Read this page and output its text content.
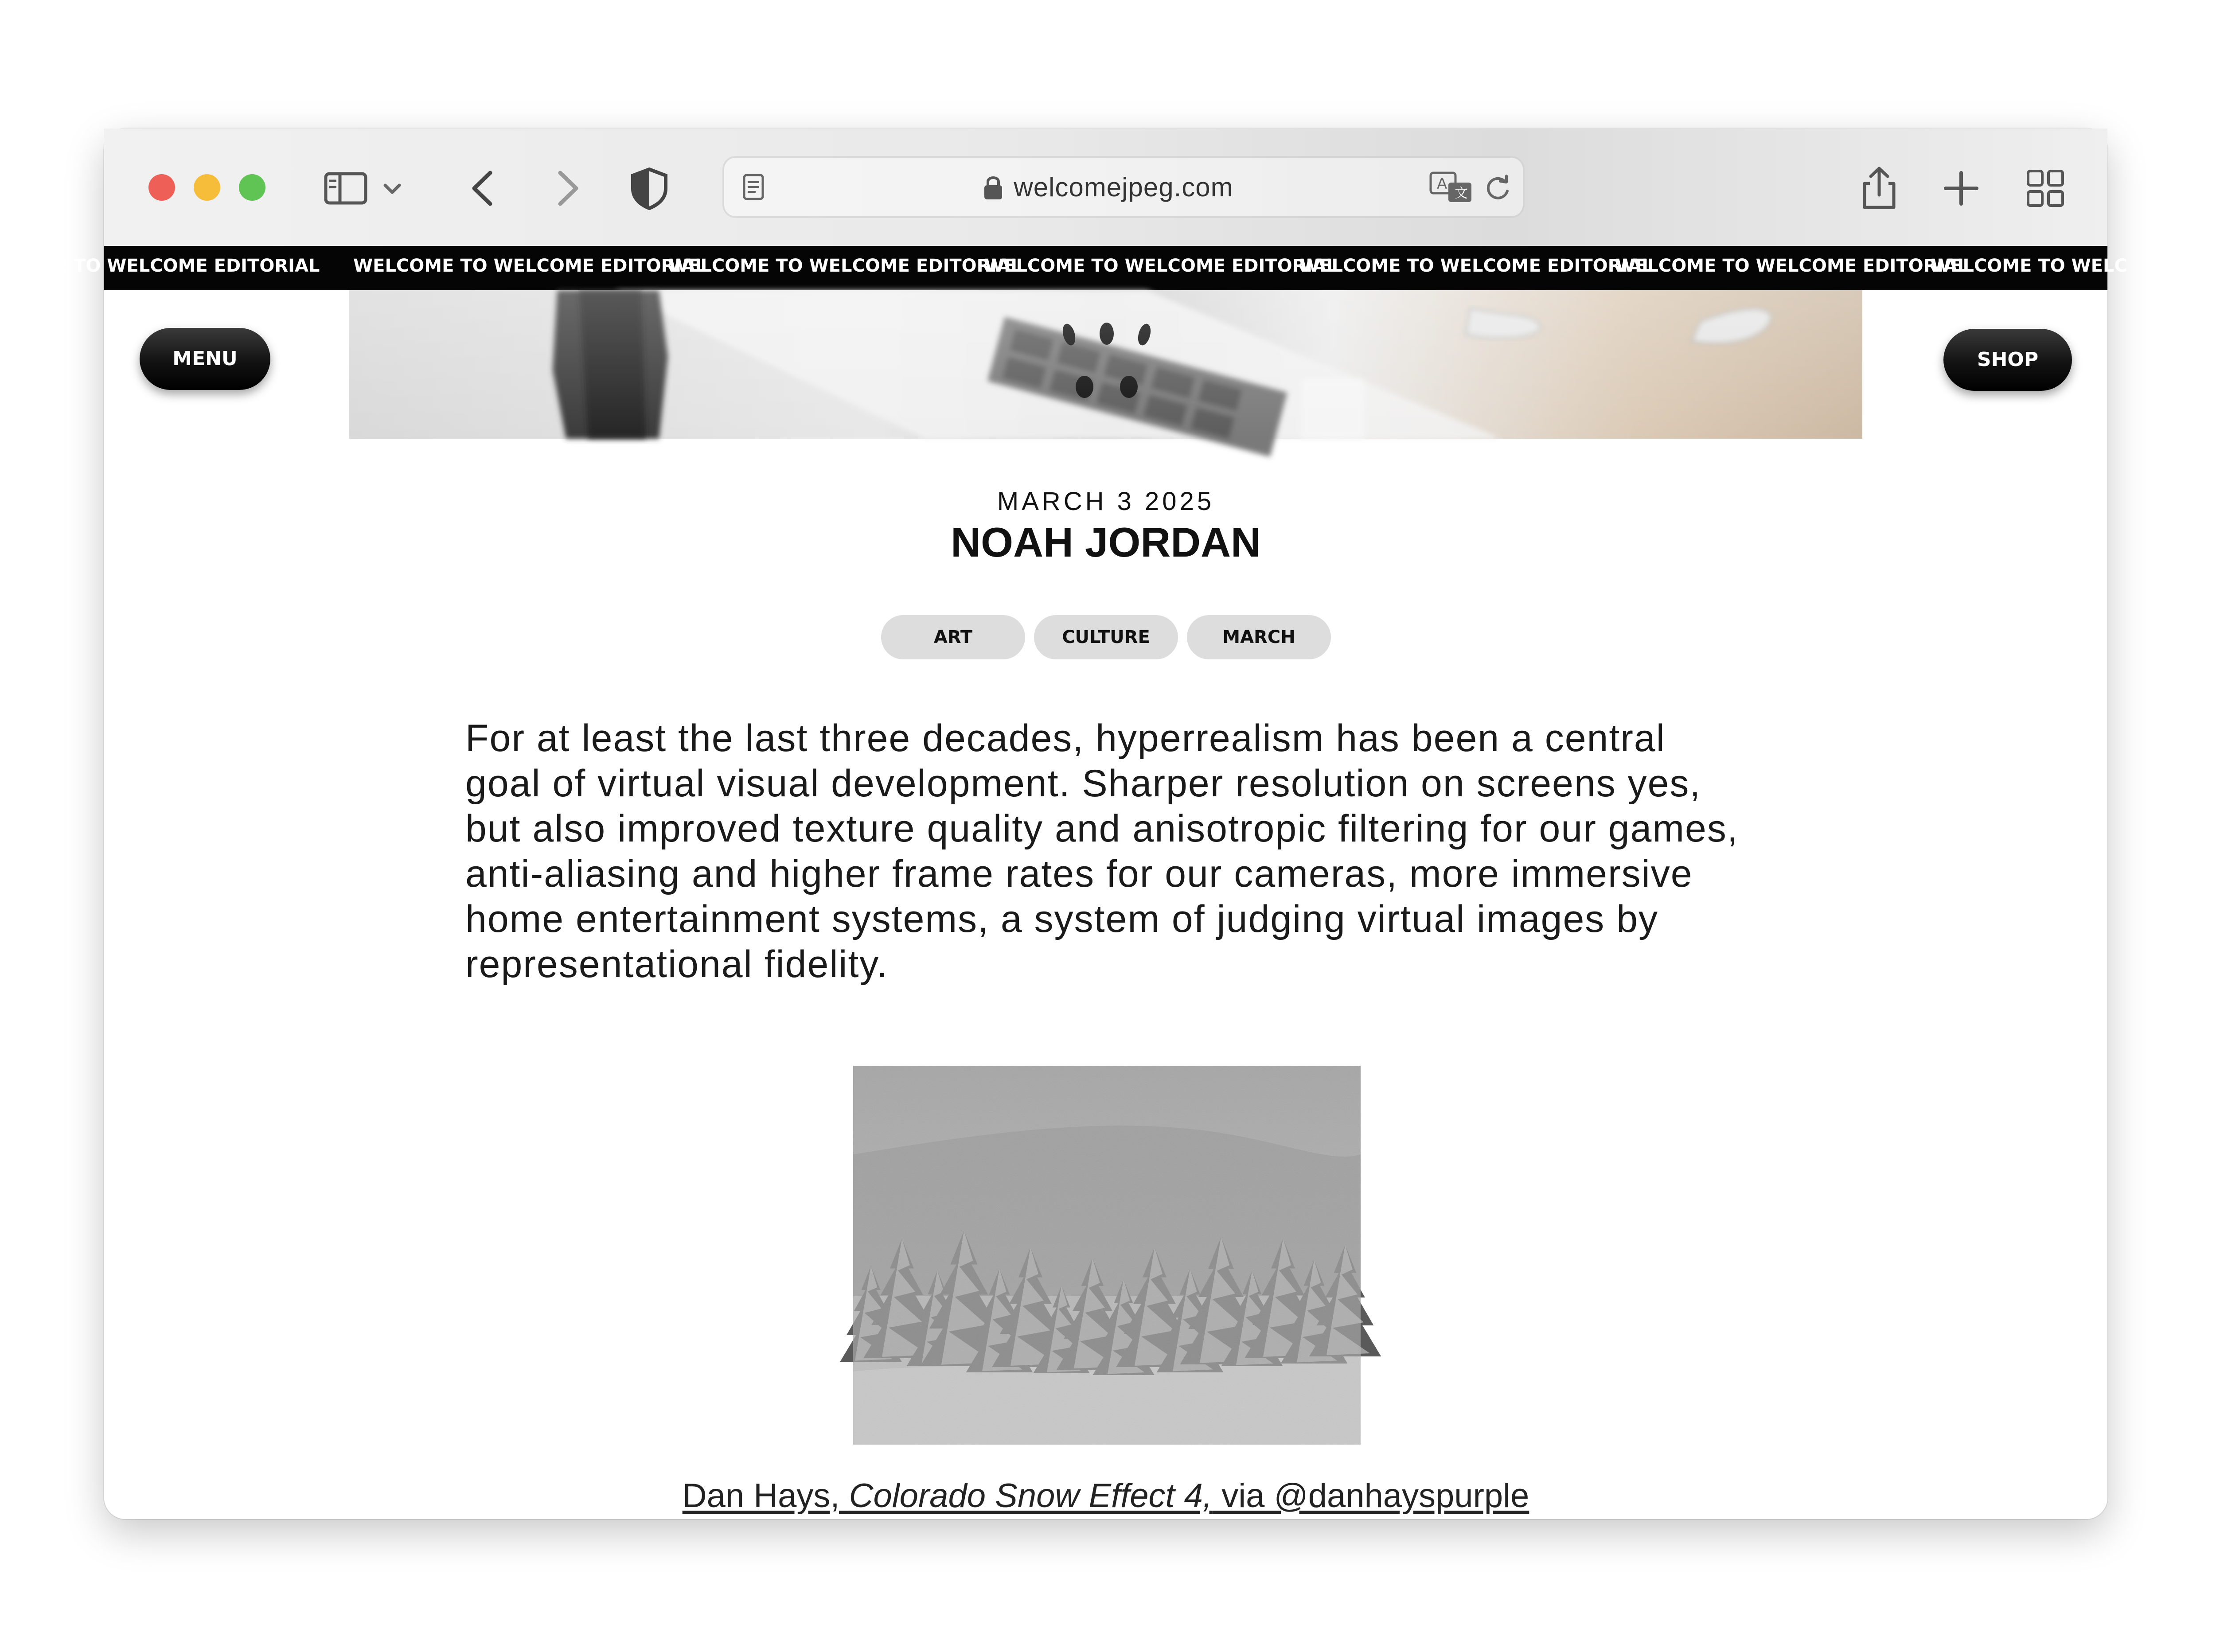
welcomejpeg.com	A
文
ME TO WELCOME EDITORIAL WELCOME TO WELCOME EDITORIALWELCOME TO WELCOME EDITORIALWELCOME TO WELCOME EDITORIALWELCOME TO WELCOME EDITORIALWELCOME TO WELCOME EDITORIALWELCOME TO WELC
MENU	SHOP
MARCH 3 2025
NOAH JORDAN
ART	CULTURE	MARCH

For at least the last three decades, hyperrealism has been a central goal of virtual visual development. Sharper resolution on screens yes, but also improved texture quality and anisotropic filtering for our games, anti-aliasing and higher frame rates for our cameras, more immersive home entertainment systems, a system of judging virtual images by representational fidelity.

Dan Hays, Colorado Snow Effect 4, via @danhayspurple
